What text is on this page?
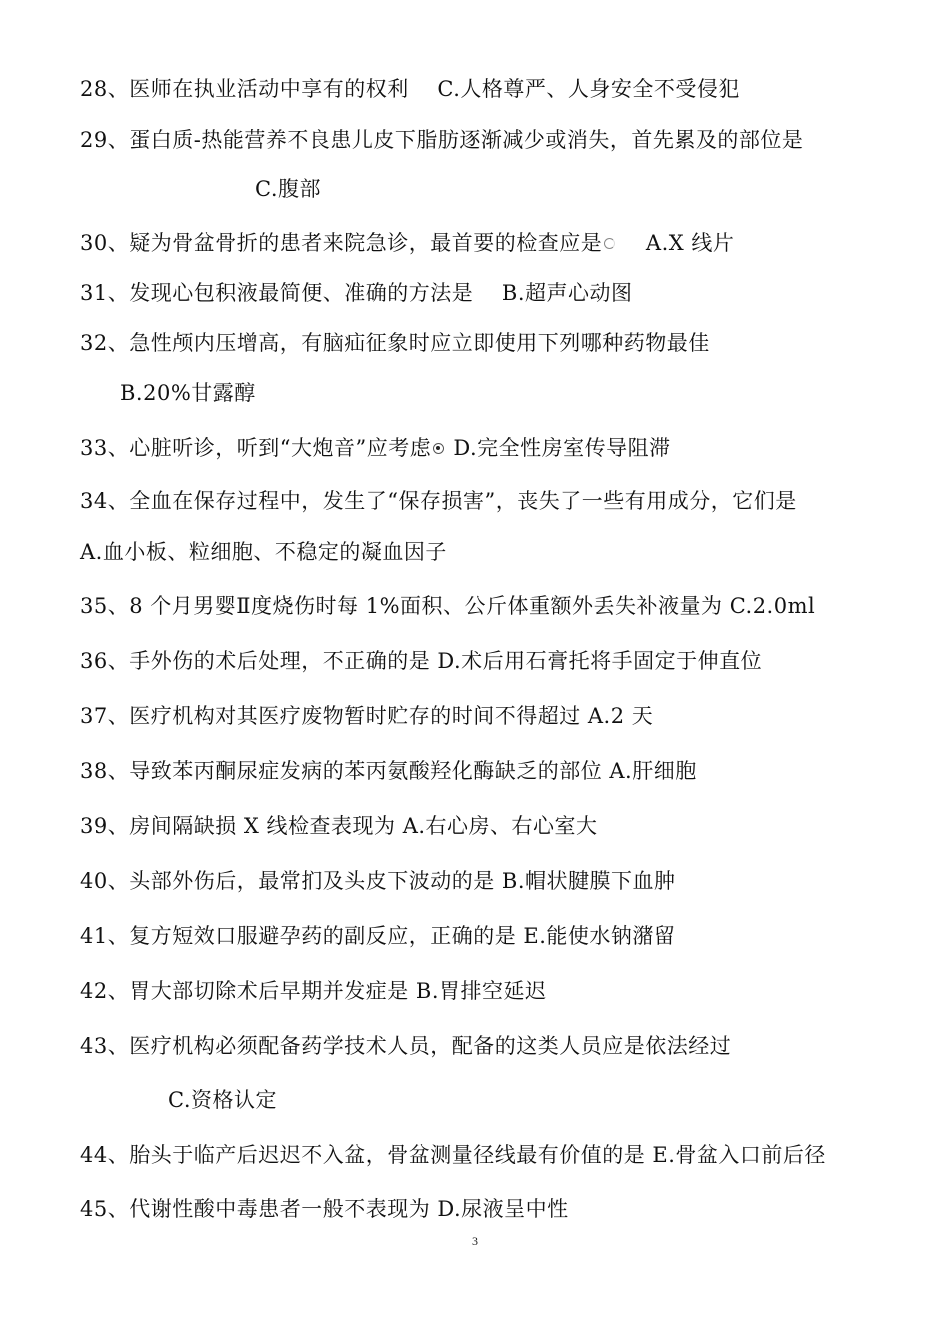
28、医师在执业活动中享有的权利　 C.人格尊严、人身安全不受侵犯
29、蛋白质-热能营养不良患儿皮下脂肪逐渐减少或消失，首先累及的部位是
C.腹部
30、疑为骨盆骨折的患者来院急诊，最首要的检查应是　 A.X 线片
31、发现心包积液最简便、准确的方法是　 B.超声心动图
32、急性颅内压增高，有脑疝征象时应立即使用下列哪种药物最佳
B.20%甘露醇
33、心脏听诊，听到“大炮音”应考虑 D.完全性房室传导阻滞
34、全血在保存过程中，发生了“保存损害”，丧失了一些有用成分，它们是
A.血小板、粒细胞、不稳定的凝血因子
35、8 个月男婴Ⅱ度烧伤时每 1%面积、公斤体重额外丢失补液量为 C.2.0ml
36、手外伤的术后处理，不正确的是 D.术后用石膏托将手固定于伸直位
37、医疗机构对其医疗废物暂时贮存的时间不得超过 A.2 天
38、导致苯丙酮尿症发病的苯丙氨酸羟化酶缺乏的部位 A.肝细胞
39、房间隔缺损 X 线检查表现为 A.右心房、右心室大
40、头部外伤后，最常扪及头皮下波动的是 B.帽状腱膜下血肿
41、复方短效口服避孕药的副反应，正确的是 E.能使水钠潴留
42、胃大部切除术后早期并发症是 B.胃排空延迟
43、医疗机构必须配备药学技术人员，配备的这类人员应是依法经过
C.资格认定
44、胎头于临产后迟迟不入盆，骨盆测量径线最有价值的是 E.骨盆入口前后径
45、代谢性酸中毒患者一般不表现为 D.尿液呈中性
3
